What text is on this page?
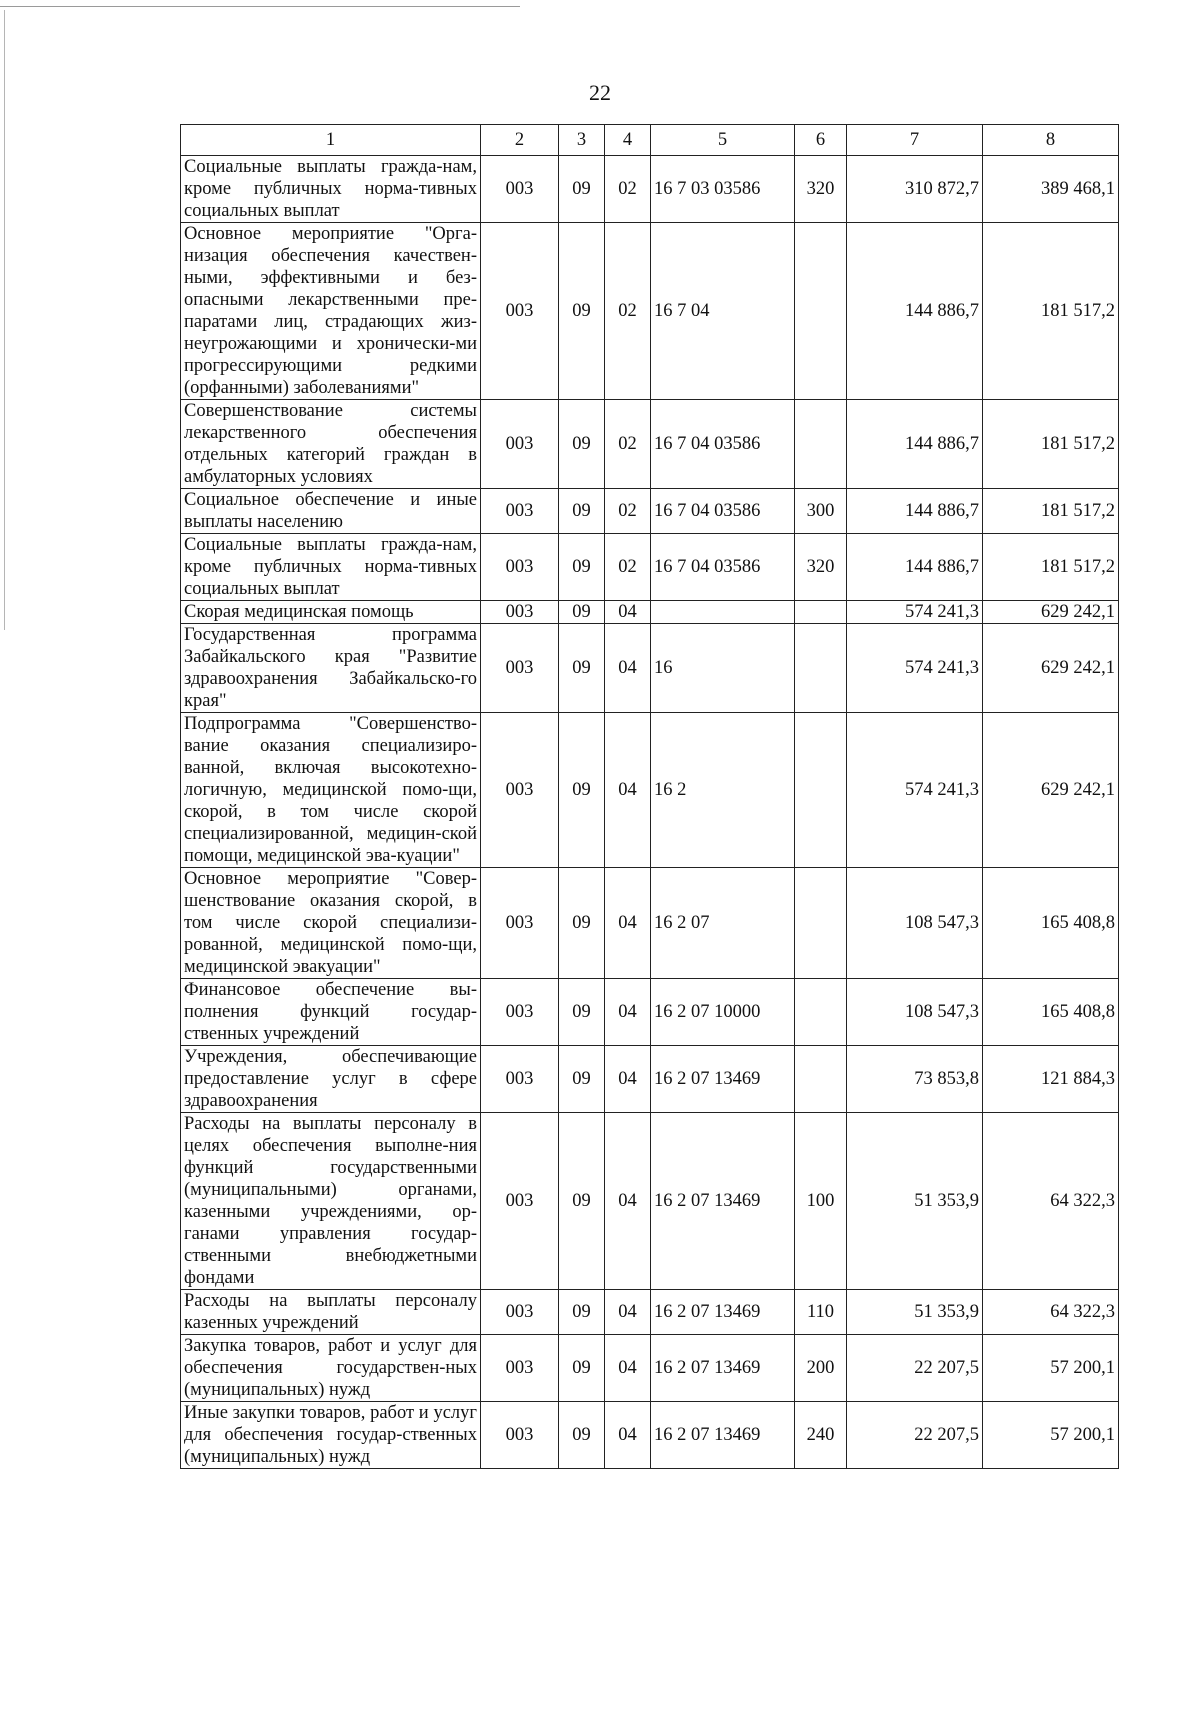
22
1	2	3	4	5	6	7	8
Социальные выплаты гражда-нам, кроме публичных норма-тивных социальных выплат	003	09	02	16 7 03 03586	320	310 872,7	389 468,1
Основное мероприятие "Орга-низация обеспечения качествен-ными, эффективными и без-опасными лекарственными пре-паратами лиц, страдающих жиз-неугрожающими и хронически-ми прогрессирующими редкими (орфанными) заболеваниями"	003	09	02	16 7 04		144 886,7	181 517,2
Совершенствование системы лекарственного обеспечения отдельных категорий граждан в амбулаторных условиях	003	09	02	16 7 04 03586		144 886,7	181 517,2
Социальное обеспечение и иные выплаты населению	003	09	02	16 7 04 03586	300	144 886,7	181 517,2
Социальные выплаты гражда-нам, кроме публичных норма-тивных социальных выплат	003	09	02	16 7 04 03586	320	144 886,7	181 517,2
Скорая медицинская помощь	003	09	04			574 241,3	629 242,1
Государственная программа Забайкальского края "Развитие здравоохранения Забайкальско-го края"	003	09	04	16		574 241,3	629 242,1
Подпрограмма "Совершенство-вание оказания специализиро-ванной, включая высокотехно-логичную, медицинской помо-щи, скорой, в том числе скорой специализированной, медицин-ской помощи, медицинской эва-куации"	003	09	04	16 2		574 241,3	629 242,1
Основное мероприятие "Совер-шенствование оказания скорой, в том числе скорой специализи-рованной, медицинской помо-щи, медицинской эвакуации"	003	09	04	16 2 07		108 547,3	165 408,8
Финансовое обеспечение вы-полнения функций государ-ственных учреждений	003	09	04	16 2 07 10000		108 547,3	165 408,8
Учреждения, обеспечивающие предоставление услуг в сфере здравоохранения	003	09	04	16 2 07 13469		73 853,8	121 884,3
Расходы на выплаты персоналу в целях обеспечения выполне-ния функций государственными (муниципальными) органами, казенными учреждениями, ор-ганами управления государ-ственными внебюджетными фондами	003	09	04	16 2 07 13469	100	51 353,9	64 322,3
Расходы на выплаты персоналу казенных учреждений	003	09	04	16 2 07 13469	110	51 353,9	64 322,3
Закупка товаров, работ и услуг для обеспечения государствен-ных (муниципальных) нужд	003	09	04	16 2 07 13469	200	22 207,5	57 200,1
Иные закупки товаров, работ и услуг для обеспечения государ-ственных (муниципальных) нужд	003	09	04	16 2 07 13469	240	22 207,5	57 200,1
